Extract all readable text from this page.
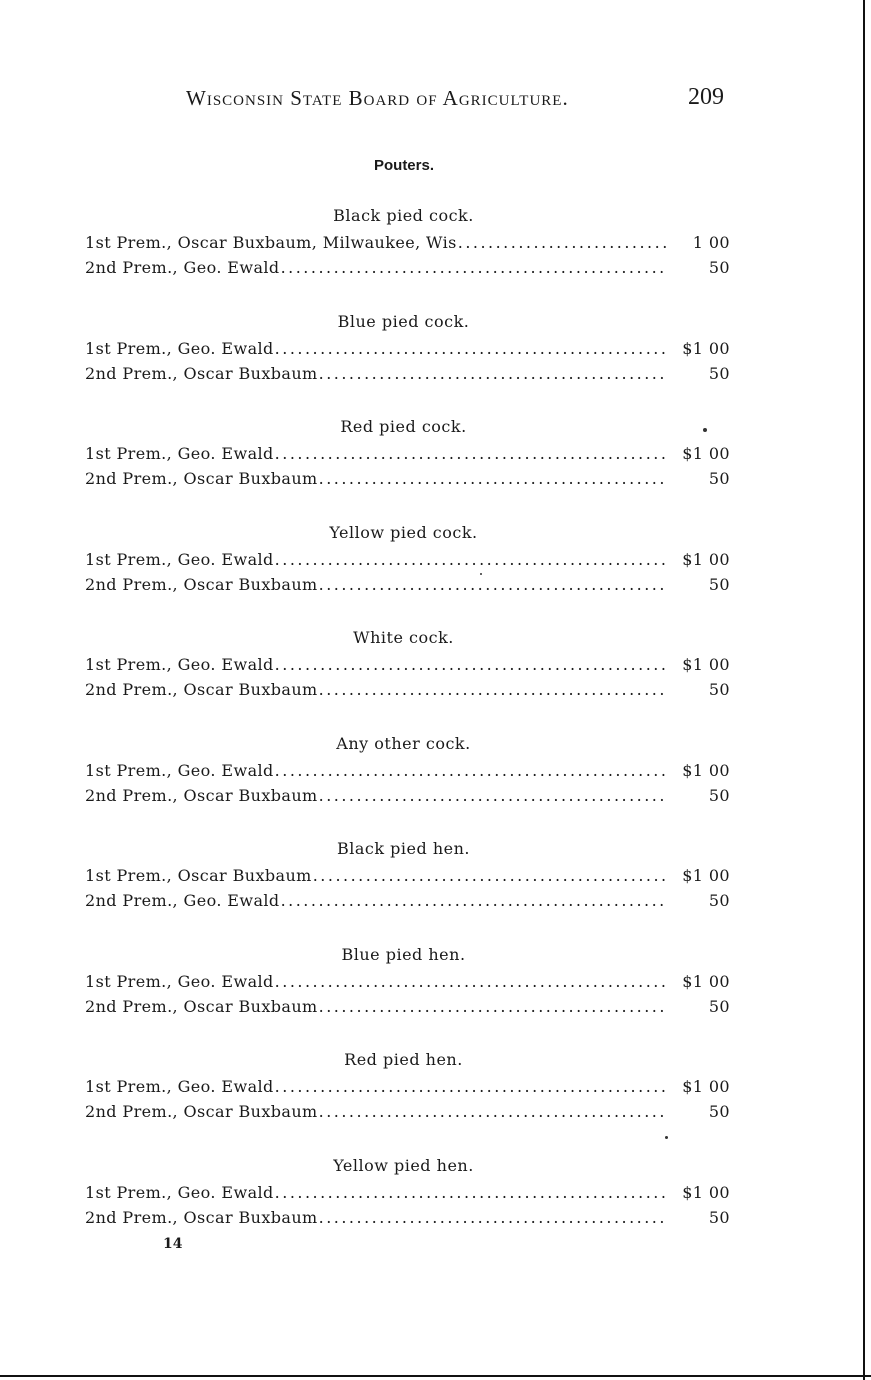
Wisconsin State Board of Agriculture.	209
Pouters.
Black pied cock.
1st Prem., Oscar Buxbaum, Milwaukee, Wis . . .	1 00
2nd Prem., Geo. Ewald . . .	50
Blue pied cock.
1st Prem., Geo. Ewald . . .	$1 00
2nd Prem., Oscar Buxbaum . . .	50
Red pied cock.
1st Prem., Geo. Ewald . . .	$1 00
2nd Prem., Oscar Buxbaum . . .	50
Yellow pied cock.
1st Prem., Geo. Ewald . . .	$1 00
2nd Prem., Oscar Buxbaum . . .	50
White cock.
1st Prem., Geo. Ewald . . .	$1 00
2nd Prem., Oscar Buxbaum . . .	50
Any other cock.
1st Prem., Geo. Ewald . . .	$1 00
2nd Prem., Oscar Buxbaum . . .	50
Black pied hen.
1st Prem., Oscar Buxbaum . . .	$1 00
2nd Prem., Geo. Ewald . . .	50
Blue pied hen.
1st Prem., Geo. Ewald . . .	$1 00
2nd Prem., Oscar Buxbaum . . .	50
Red pied hen.
1st Prem., Geo. Ewald . . .	$1 00
2nd Prem., Oscar Buxbaum . . .	50
Yellow pied hen.
1st Prem., Geo. Ewald . . .	$1 00
2nd Prem., Oscar Buxbaum . . .	50
14
